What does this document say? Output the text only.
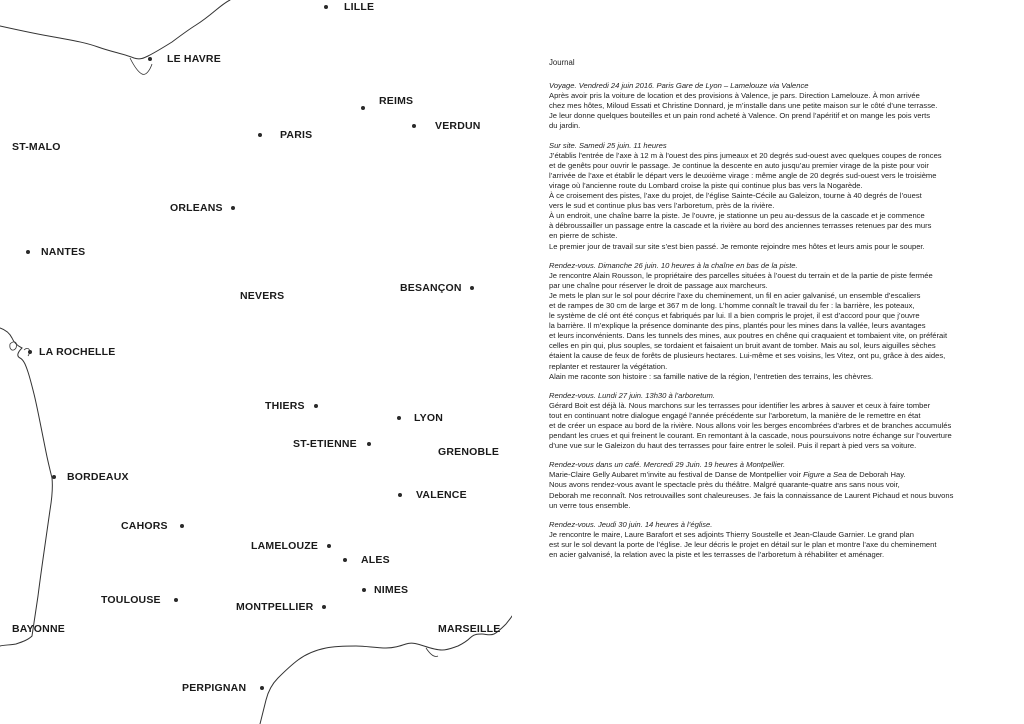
LILLE
LE HAVRE
REIMS
VERDUN
PARIS
ST-MALO
ORLEANS
NANTES
BESANÇON
NEVERS
LA ROCHELLE
THIERS
LYON
ST-ETIENNE
GRENOBLE
BORDEAUX
VALENCE
CAHORS
LAMELOUZE
ALES
NIMES
TOULOUSE
MONTPELLIER
BAYONNE	MARSEILLE
PERPIGNAN
Journal
Voyage. Vendredi 24 juin 2016. Paris Gare de Lyon – Lamelouze via Valence
Après avoir pris la voiture de location et des provisions à Valence, je pars. Direction Lamelouze. À mon arrivée
chez mes hôtes, Miloud Essati et Christine Donnard, je m’installe dans une petite maison sur le côté d’une terrasse.
Je leur donne quelques bouteilles et un pain rond acheté à Valence. On prend l’apéritif et on mange les pois verts
du jardin.
Sur site. Samedi 25 juin. 11 heures
J’établis l’entrée de l’axe à 12 m à l’ouest des pins jumeaux et 20 degrés sud-ouest avec quelques coupes de ronces
et de genêts pour ouvrir le passage. Je continue la descente en auto jusqu’au premier virage de la piste pour voir
l’arrivée de l’axe et établir le départ vers le deuxième virage : même angle de 20 degrés sud-ouest vers le troisième
virage où l’ancienne route du Lombard croise la piste qui continue plus bas vers la Nogarède.
À ce croisement des pistes, l’axe du projet, de l’église Sainte-Cécile au Galeizon, tourne à 40 degrés de l’ouest
vers le sud et continue plus bas vers l’arboretum, près de la rivière.
À un endroit, une chaîne barre la piste. Je l’ouvre, je stationne un peu au-dessus de la cascade et je commence
à débroussailler un passage entre la cascade et la rivière au bord des anciennes terrasses retenues par des murs
en pierre de schiste.
Le premier jour de travail sur site s’est bien passé. Je remonte rejoindre mes hôtes et leurs amis pour le souper.
Rendez-vous. Dimanche 26 juin. 10 heures à la chaîne en bas de la piste.
Je rencontre Alain Rousson, le propriétaire des parcelles situées à l’ouest du terrain et de la partie de piste fermée
par une chaîne pour réserver le droit de passage aux marcheurs.
Je mets le plan sur le sol pour décrire l’axe du cheminement, un fil en acier galvanisé, un ensemble d’escaliers
et de rampes de 30 cm de large et 367 m de long. L’homme connaît le travail du fer : la barrière, les poteaux,
le système de clé ont été conçus et fabriqués par lui. Il a bien compris le projet, il est d’accord pour que j’ouvre
la barrière. Il m’explique la présence dominante des pins, plantés pour les mines dans la vallée, leurs avantages
et leurs inconvénients. Dans les tunnels des mines, aux poutres en chêne qui craquaient et tombaient vite, on préférait
celles en pin qui, plus souples, se tordaient et faisaient un bruit avant de tomber. Mais au sol, leurs aiguilles sèches
étaient la cause de feux de forêts de plusieurs hectares. Lui-même et ses voisins, les Vitez, ont pu, grâce à des aides,
replanter et restaurer la végétation.
Alain me raconte son histoire : sa famille native de la région, l’entretien des terrains, les chèvres.
Rendez-vous. Lundi 27 juin. 13h30 à l’arboretum.
Gérard Boit est déjà là. Nous marchons sur les terrasses pour identifier les arbres à sauver et ceux à faire tomber
tout en continuant notre dialogue engagé l’année précédente sur l’arboretum, la manière de le remettre en état
et de créer un espace au bord de la rivière. Nous allons voir les berges encombrées d’arbres et de branches accumulés
pendant les crues et qui freinent le courant. En remontant à la cascade, nous poursuivons notre échange sur l’ouverture
d’une vue sur le Galeizon du haut des terrasses pour faire entrer le soleil. Puis il repart à pied vers sa voiture.
Rendez-vous dans un café. Mercredi 29 Juin. 19 heures à Montpellier.
Marie-Claire Gelly Aubaret m’invite au festival de Danse de Montpellier voir Figure a Sea de Deborah Hay.
Nous avons rendez-vous avant le spectacle près du théâtre. Malgré quarante-quatre ans sans nous voir,
Deborah me reconnaît. Nos retrouvailles sont chaleureuses. Je fais la connaissance de Laurent Pichaud et nous buvons
un verre tous ensemble.
Rendez-vous. Jeudi 30 juin. 14 heures à l’église.
Je rencontre le maire, Laure Barafort et ses adjoints Thierry Soustelle et Jean-Claude Garnier. Le grand plan
est sur le sol devant la porte de l’église. Je leur décris le projet en détail sur le plan et montre l’axe du cheminement
en acier galvanisé, la relation avec la piste et les terrasses de l’arboretum à réhabiliter et aménager.
